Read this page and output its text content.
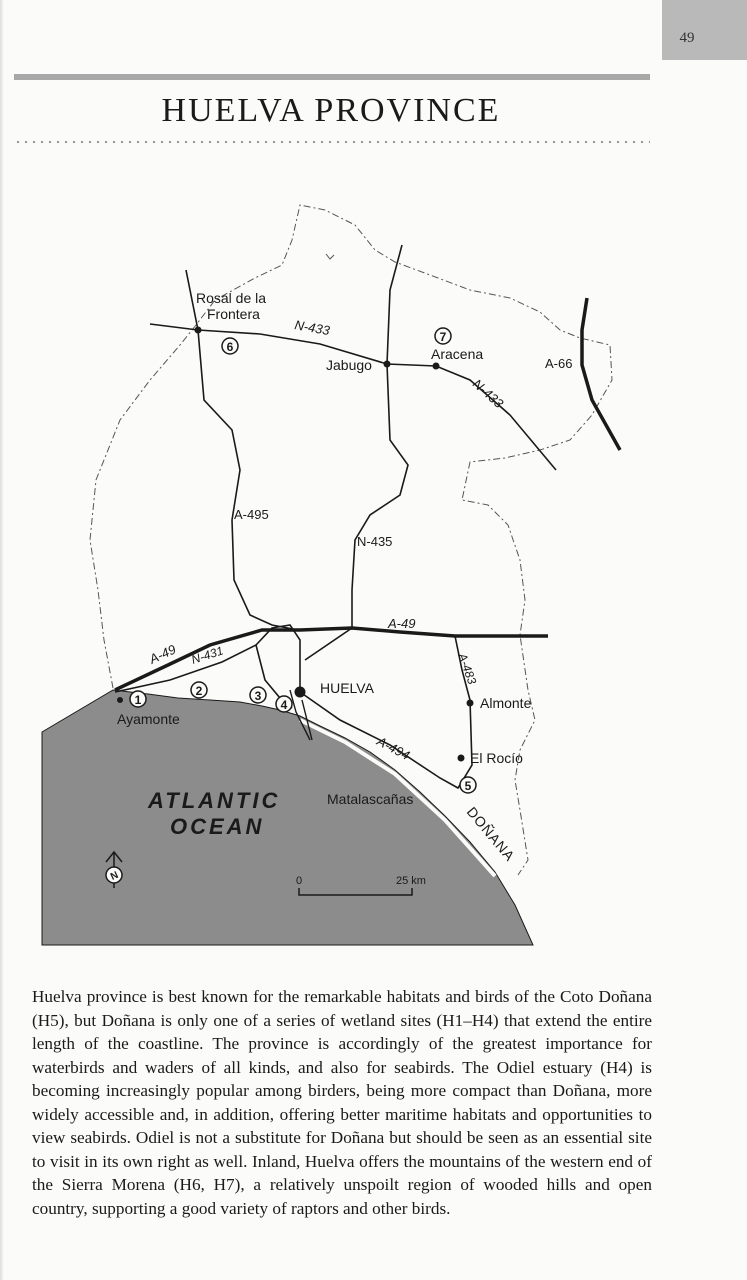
49
HUELVA PROVINCE
Rosal de la
Frontera
Jabugo
Aracena
HUELVA
Ayamonte
Almonte
El Rocío
Matalascañas
N-433
N-433
A-66
A-495
N-435
A-49
A-49
N-431	A-483
A-494
1
2	3
4
5
6
7
ATLANTIC
OCEAN	DOÑANA
N	0	25 km

Huelva province is best known for the remarkable habitats and birds of the Coto Doñana (H5), but Doñana is only one of a series of wetland sites (H1–H4) that extend the entire length of the coastline. The province is accordingly of the greatest importance for waterbirds and waders of all kinds, and also for seabirds. The Odiel estuary (H4) is becoming increasingly popular among birders, being more compact than Doñana, more widely accessible and, in addition, offering better maritime habitats and opportunities to view seabirds. Odiel is not a substitute for Doñana but should be seen as an essential site to visit in its own right as well. Inland, Huelva offers the mountains of the western end of the Sierra Morena (H6, H7), a relatively unspoilt region of wooded hills and open country, supporting a good variety of raptors and other birds.
